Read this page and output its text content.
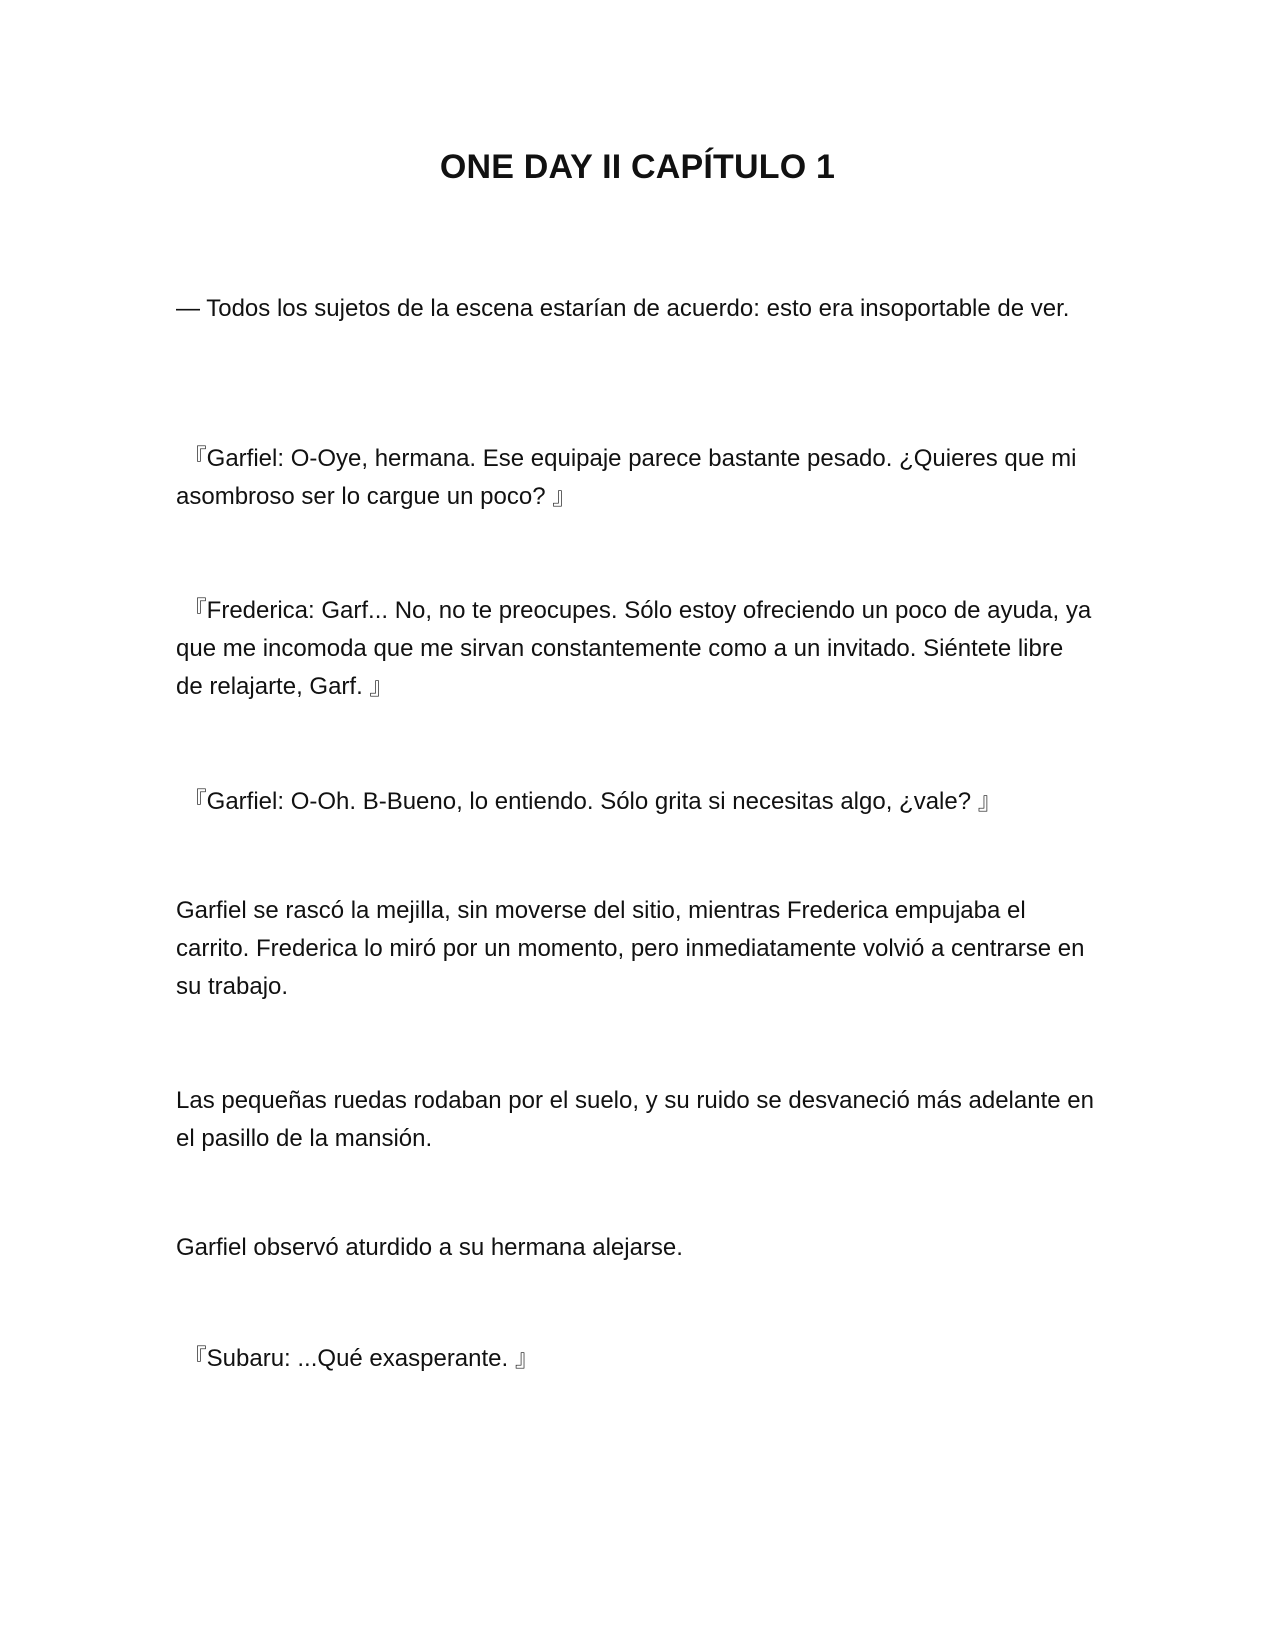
ONE DAY II CAPÍTULO 1

— Todos los sujetos de la escena estarían de acuerdo: esto era insoportable de ver.

『Garfiel: O-Oye, hermana. Ese equipaje parece bastante pesado. ¿Quieres que mi asombroso ser lo cargue un poco? 』

『Frederica: Garf... No, no te preocupes. Sólo estoy ofreciendo un poco de ayuda, ya que me incomoda que me sirvan constantemente como a un invitado. Siéntete libre de relajarte, Garf. 』

『Garfiel: O-Oh. B-Bueno, lo entiendo. Sólo grita si necesitas algo, ¿vale? 』

Garfiel se rascó la mejilla, sin moverse del sitio, mientras Frederica empujaba el carrito. Frederica lo miró por un momento, pero inmediatamente volvió a centrarse en su trabajo.

Las pequeñas ruedas rodaban por el suelo, y su ruido se desvaneció más adelante en el pasillo de la mansión.

Garfiel observó aturdido a su hermana alejarse.

『Subaru: ...Qué exasperante. 』
